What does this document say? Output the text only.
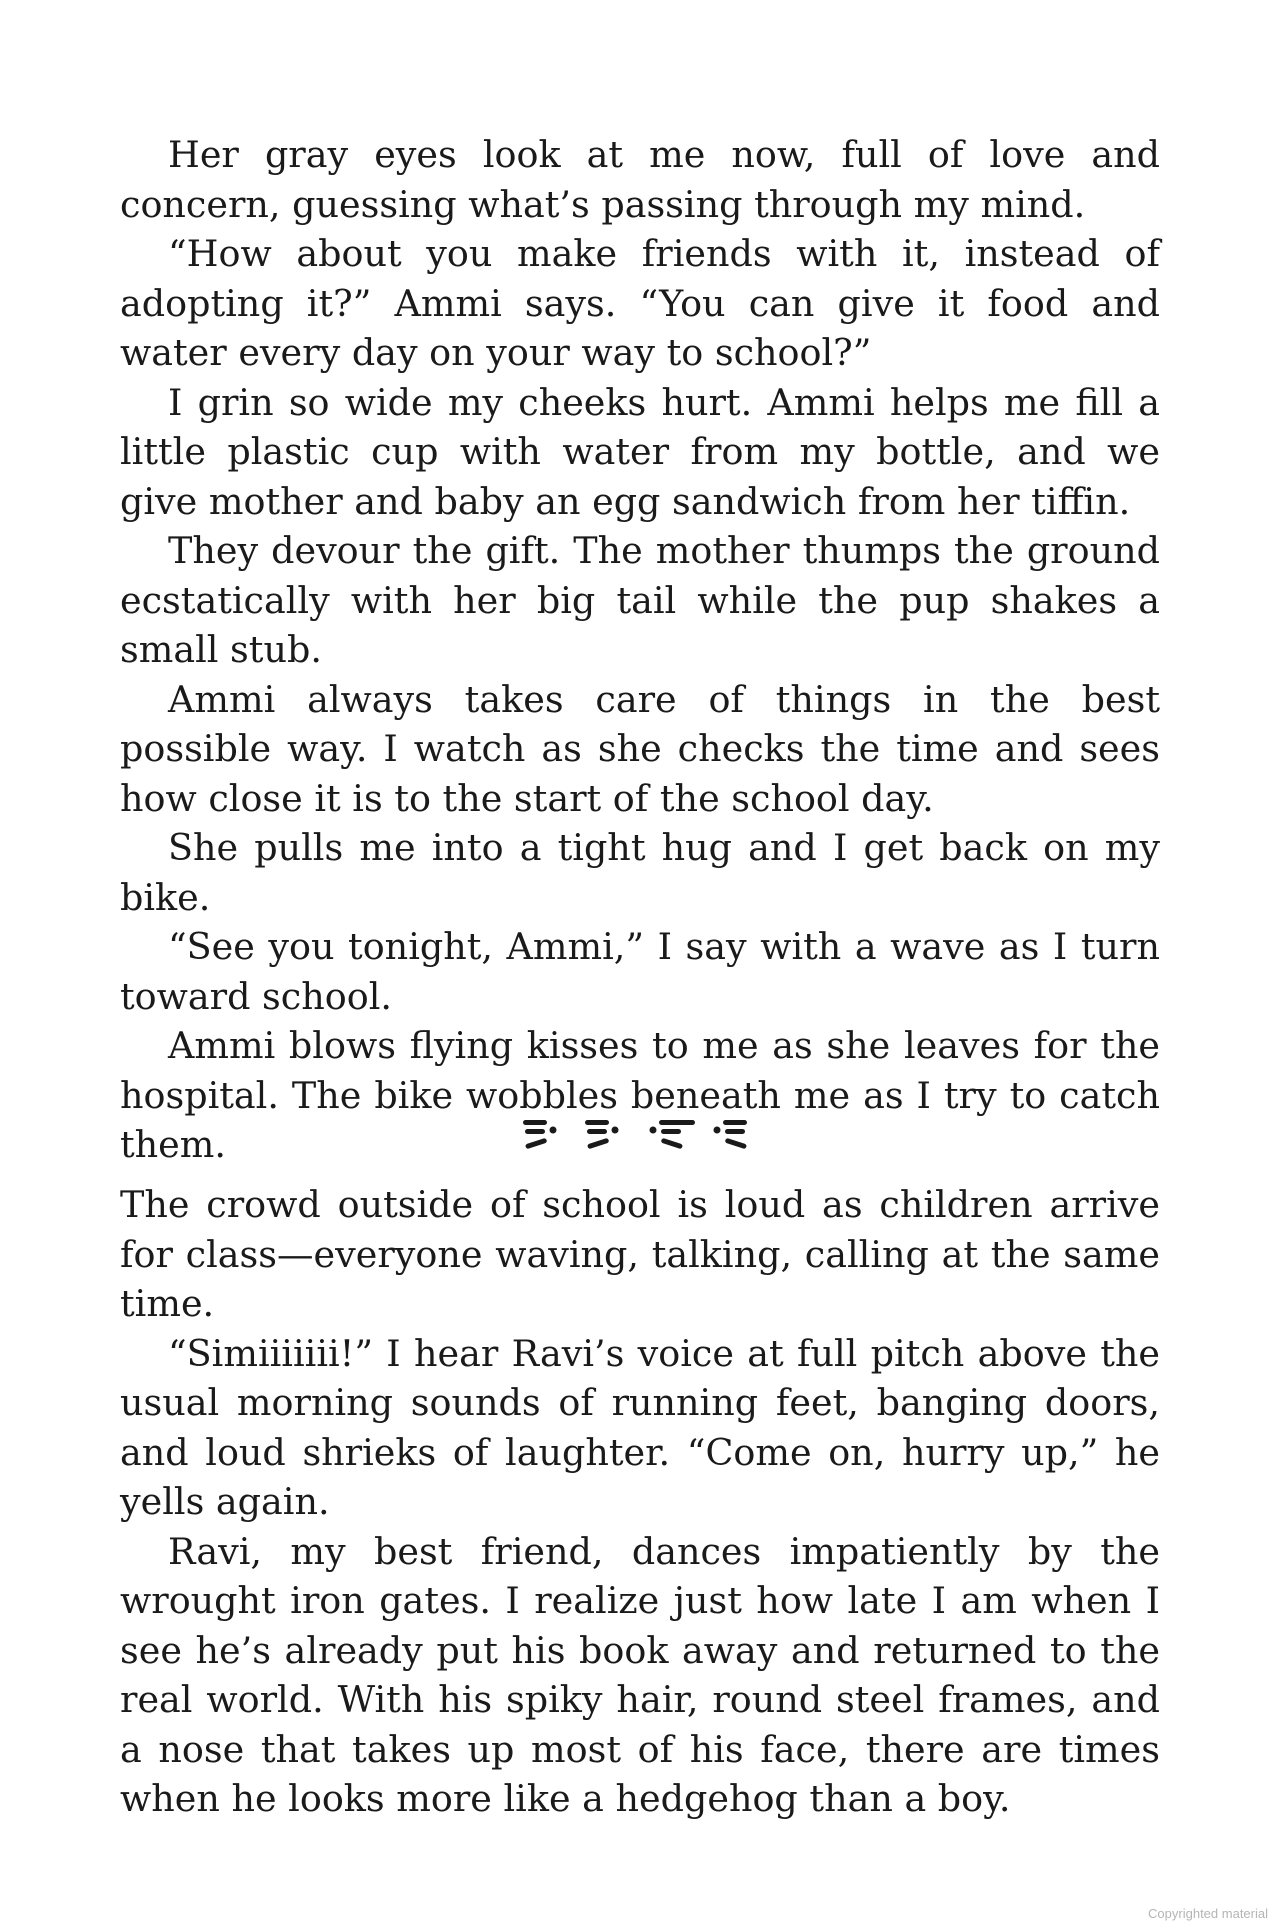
Her gray eyes look at me now, full of love and concern, guessing what’s passing through my mind.

“How about you make friends with it, instead of adopting it?” Ammi says. “You can give it food and water every day on your way to school?”

I grin so wide my cheeks hurt. Ammi helps me fill a little plastic cup with water from my bottle, and we give mother and baby an egg sandwich from her tiffin.

They devour the gift. The mother thumps the ground ecstatically with her big tail while the pup shakes a small stub.

Ammi always takes care of things in the best possible way. I watch as she checks the time and sees how close it is to the start of the school day.

She pulls me into a tight hug and I get back on my bike.

“See you tonight, Ammi,” I say with a wave as I turn toward school.

Ammi blows flying kisses to me as she leaves for the hospital. The bike wobbles beneath me as I try to catch them.

The crowd outside of school is loud as children arrive for class—everyone waving, talking, calling at the same time.

“Simiiiiiii!” I hear Ravi’s voice at full pitch above the usual morning sounds of running feet, banging doors, and loud shrieks of laughter. “Come on, hurry up,” he yells again.

Ravi, my best friend, dances impatiently by the wrought iron gates. I realize just how late I am when I see he’s already put his book away and returned to the real world. With his spiky hair, round steel frames, and a nose that takes up most of his face, there are times when he looks more like a hedgehog than a boy.

Copyrighted material
